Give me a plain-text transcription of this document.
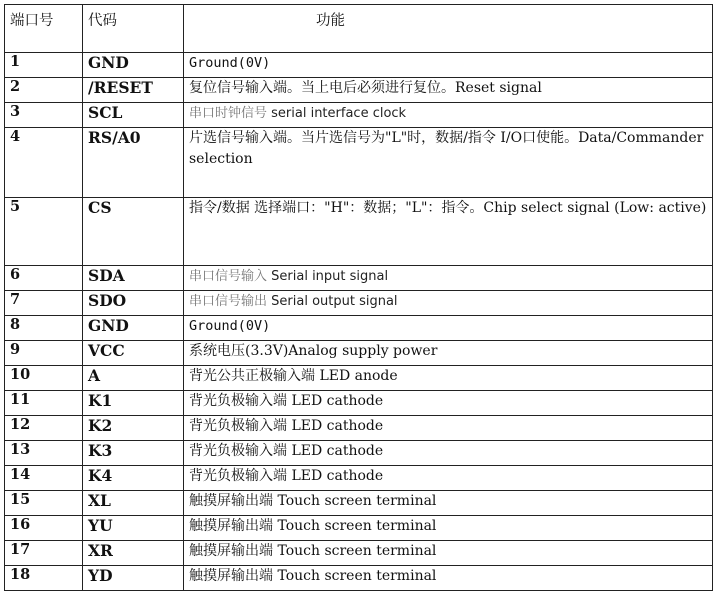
端口号	代码	功能
1	GND	Ground(0V)
2	/RESET	复位信号输入端。当上电后必须进行复位。Reset signal
3	SCL	串口时钟信号 serial interface clock
4	RS/A0	片选信号输入端。当片选信号为"L"时，数据/指令 I/O口使能。Data/Commander selection
5	CS	指令/数据 选择端口："H"：数据；"L"：指令。Chip select signal (Low: active)
6	SDA	串口信号输入 Serial input signal
7	SDO	串口信号输出 Serial output signal
8	GND	Ground(0V)
9	VCC	系统电压(3.3V)Analog supply power
10	A	背光公共正极输入端 LED anode
11	K1	背光负极输入端 LED cathode
12	K2	背光负极输入端 LED cathode
13	K3	背光负极输入端 LED cathode
14	K4	背光负极输入端 LED cathode
15	XL	触摸屏输出端 Touch screen terminal
16	YU	触摸屏输出端 Touch screen terminal
17	XR	触摸屏输出端 Touch screen terminal
18	YD	触摸屏输出端 Touch screen terminal
